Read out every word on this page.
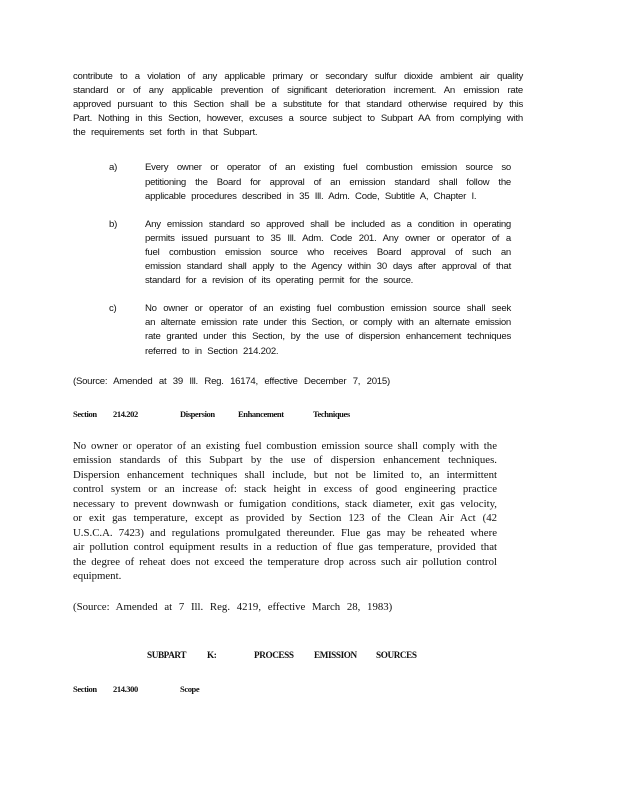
contribute to a violation of any applicable primary or secondary sulfur dioxide ambient air quality standard or of any applicable prevention of significant deterioration increment. An emission rate approved pursuant to this Section shall be a substitute for that standard otherwise required by this Part. Nothing in this Section, however, excuses a source subject to Subpart AA from complying with the requirements set forth in that Subpart.

a)	Every owner or operator of an existing fuel combustion emission source so petitioning the Board for approval of an emission standard shall follow the applicable procedures described in 35 Ill. Adm. Code, Subtitle A, Chapter I.
b)	Any emission standard so approved shall be included as a condition in operating permits issued pursuant to 35 Ill. Adm. Code 201. Any owner or operator of a fuel combustion emission source who receives Board approval of such an emission standard shall apply to the Agency within 30 days after approval of that standard for a revision of its operating permit for the source.
c)	No owner or operator of an existing fuel combustion emission source shall seek an alternate emission rate under this Section, or comply with an alternate emission rate granted under this Section, by the use of dispersion enhancement techniques referred to in Section 214.202.

(Source: Amended at 39 Ill. Reg. 16174, effective December 7, 2015)

Section	214.202	Dispersion	Enhancement	Techniques

No owner or operator of an existing fuel combustion emission source shall comply with the emission standards of this Subpart by the use of dispersion enhancement techniques. Dispersion enhancement techniques shall include, but not be limited to, an intermittent control system or an increase of: stack height in excess of good engineering practice necessary to prevent downwash or fumigation conditions, stack diameter, exit gas velocity, or exit gas temperature, except as provided by Section 123 of the Clean Air Act (42 U.S.C.A. 7423) and regulations promulgated thereunder. Flue gas may be reheated where air pollution control equipment results in a reduction of flue gas temperature, provided that the degree of reheat does not exceed the temperature drop across such air pollution control equipment.

(Source: Amended at 7 Ill. Reg. 4219, effective March 28, 1983)

SUBPART	K:	PROCESS	EMISSION	SOURCES
Section	214.300	Scope
